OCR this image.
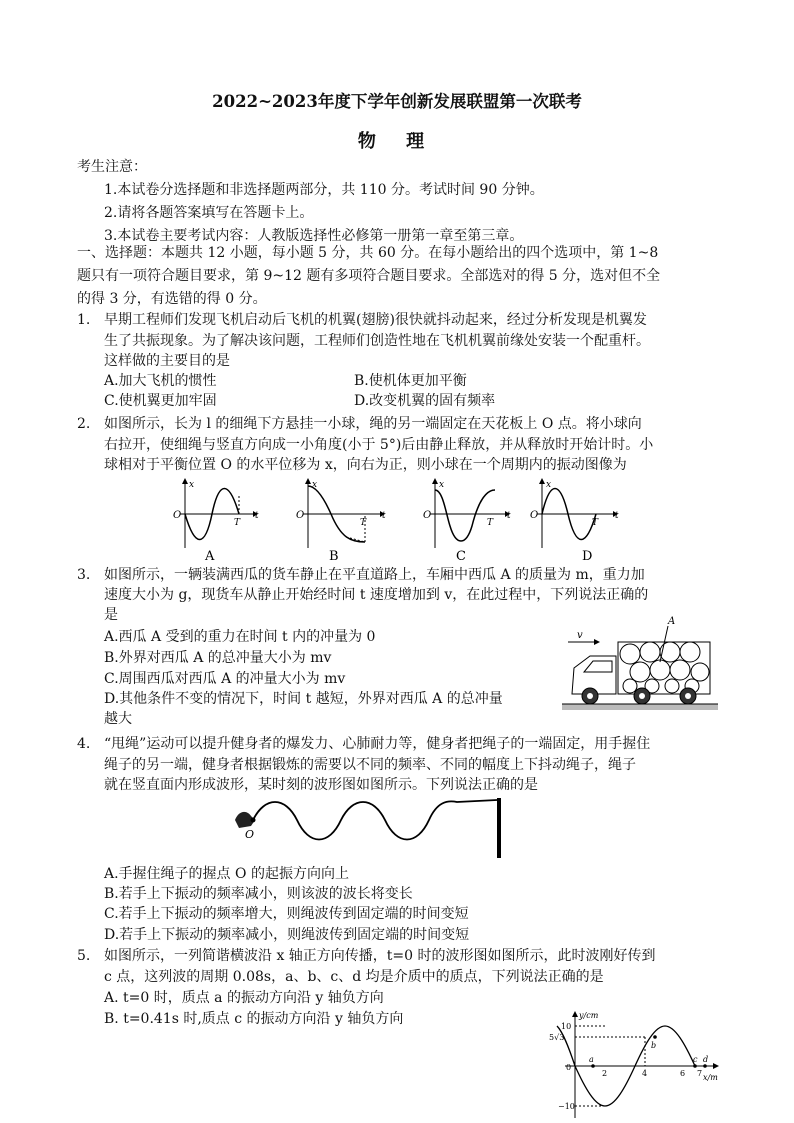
2022~2023年度下学年创新发展联盟第一次联考
物 理
考生注意：
1.本试卷分选择题和非选择题两部分，共 110 分。考试时间 90 分钟。
2.请将各题答案填写在答题卡上。
3.本试卷主要考试内容：人教版选择性必修第一册第一章至第三章。
一、选择题：本题共 12 小题，每小题 5 分，共 60 分。在每小题给出的四个选项中，第 1~8
题只有一项符合题目要求，第 9~12 题有多项符合题目要求。全部选对的得 5 分，选对但不全
的得 3 分，有选错的得 0 分。
1. 早期工程师们发现飞机启动后飞机的机翼(翅膀)很快就抖动起来，经过分析发现是机翼发
生了共振现象。为了解决该问题，工程师们创造性地在飞机机翼前缘处安装一个配重杆。
这样做的主要目的是
A.加大飞机的惯性	B.使机体更加平衡
C.使机翼更加牢固	D.改变机翼的固有频率
2. 如图所示，长为 l 的细绳下方悬挂一小球，绳的另一端固定在天花板上 O 点。将小球向
右拉开，使细绳与竖直方向成一小角度(小于 5°)后由静止释放，并从释放时开始计时。小
球相对于平衡位置 O 的水平位移为 x，向右为正，则小球在一个周期内的振动图像为
x
O
T
t
x
O
T
t
x
O
T
t
x
O
T
t
A	B	C	D
3. 如图所示，一辆装满西瓜的货车静止在平直道路上，车厢中西瓜 A 的质量为 m，重力加
速度大小为 g，现货车从静止开始经时间 t 速度增加到 v，在此过程中，下列说法正确的
是
A.西瓜 A 受到的重力在时间 t 内的冲量为 0
B.外界对西瓜 A 的总冲量大小为 mv
C.周围西瓜对西瓜 A 的冲量大小为 mv
D.其他条件不变的情况下，时间 t 越短，外界对西瓜 A 的总冲量
越大
v
A
4. “甩绳”运动可以提升健身者的爆发力、心肺耐力等，健身者把绳子的一端固定，用手握住
绳子的另一端，健身者根据锻炼的需要以不同的频率、不同的幅度上下抖动绳子，绳子
就在竖直面内形成波形，某时刻的波形图如图所示。下列说法正确的是
O
A.手握住绳子的握点 O 的起振方向向上
B.若手上下振动的频率减小，则该波的波长将变长
C.若手上下振动的频率增大，则绳波传到固定端的时间变短
D.若手上下振动的频率减小，则绳波传到固定端的时间变短
5. 如图所示，一列简谐横波沿 x 轴正方向传播，t=0 时的波形图如图所示，此时波刚好传到
c 点，这列波的周期 0.08s，a、b、c、d 均是介质中的质点，下列说法正确的是
A. t=0 时，质点 a 的振动方向沿 y 轴负方向
B. t=0.41s 时,质点 c 的振动方向沿 y 轴负方向	y/cm
x/m
10
5√3
0
−10
2	4	6 7
a
b
c d
